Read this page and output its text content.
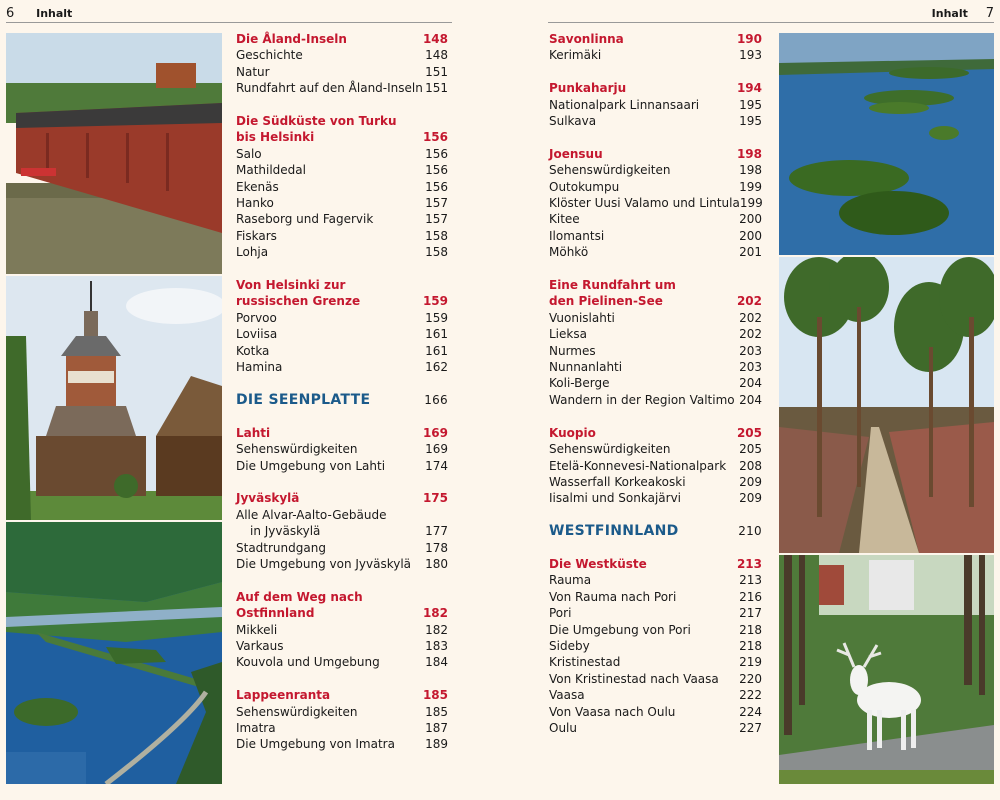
6 Inhalt	Inhalt 7
Die Åland-Inseln	148
Geschichte	148
Natur	151
Rundfahrt auf den Åland-Inseln 151
Die Südküste von Turku
bis Helsinki	156
Salo	156
Mathildedal	156
Ekenäs	156
Hanko	157
Raseborg und Fagervik	157
Fiskars	158
Lohja	158
Von Helsinki zur
russischen Grenze	159
Porvoo	159
Loviisa	161
Kotka	161
Hamina	162
DIE SEENPLATTE	166
Lahti	169
Sehenswürdigkeiten	169
Die Umgebung von Lahti	174
Jyväskylä	175
Alle Alvar-Aalto-Gebäude
in Jyväskylä	177
Stadtrundgang	178
Die Umgebung von Jyväskylä	180
Auf dem Weg nach
Ostfinnland	182
Mikkeli	182
Varkaus	183
Kouvola und Umgebung	184
Lappeenranta	185
Sehenswürdigkeiten	185
Imatra	187
Die Umgebung von Imatra	189
Savonlinna	190
Kerimäki	193
Punkaharju	194
Nationalpark Linnansaari	195
Sulkava	195
Joensuu	198
Sehenswürdigkeiten	198
Outokumpu	199
Klöster Uusi Valamo und Lintula 199
Kitee	200
Ilomantsi	200
Möhkö	201
Eine Rundfahrt um
den Pielinen-See	202
Vuonislahti	202
Lieksa	202
Nurmes	203
Nunnanlahti	203
Koli-Berge	204
Wandern in der Region Valtimo 204
Kuopio	205
Sehenswürdigkeiten	205
Etelä-Konnevesi-Nationalpark	208
Wasserfall Korkeakoski	209
Iisalmi und Sonkajärvi	209
WESTFINNLAND	210
Die Westküste	213
Rauma	213
Von Rauma nach Pori	216
Pori	217
Die Umgebung von Pori	218
Sideby	218
Kristinestad	219
Von Kristinestad nach Vaasa	220
Vaasa	222
Von Vaasa nach Oulu	224
Oulu	227
